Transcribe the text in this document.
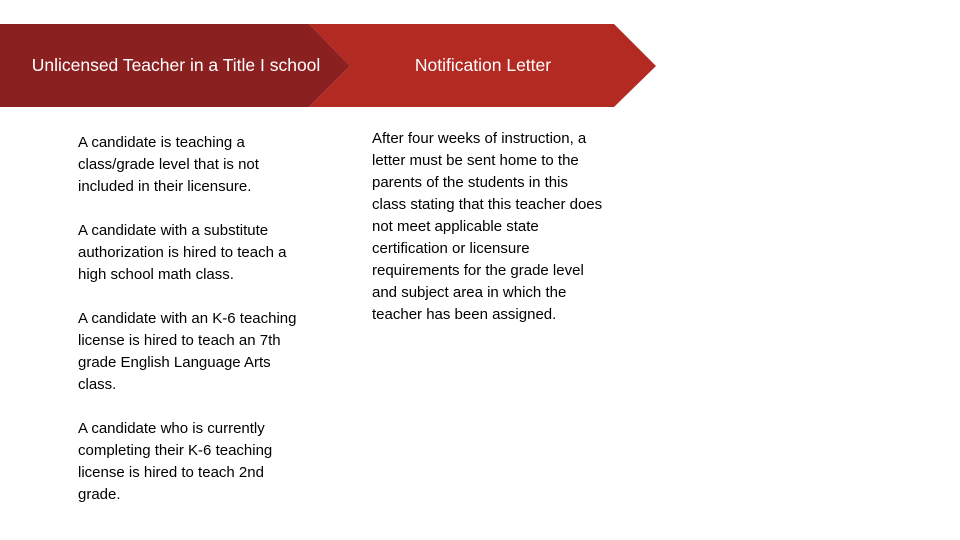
Unlicensed Teacher in a Title I school	Notification Letter

A candidate is teaching a class/grade level that is not included in their licensure.

A candidate with a substitute authorization is hired to teach a high school math class.

A candidate with an K-6 teaching license is hired to teach an 7th grade English Language Arts class.

A candidate who is currently completing their K-6 teaching license is hired to teach 2nd grade.

After four weeks of instruction, a letter must be sent home to the parents of the students in this class stating that this teacher does not meet applicable state certification or licensure requirements for the grade level and subject area in which the teacher has been assigned.
